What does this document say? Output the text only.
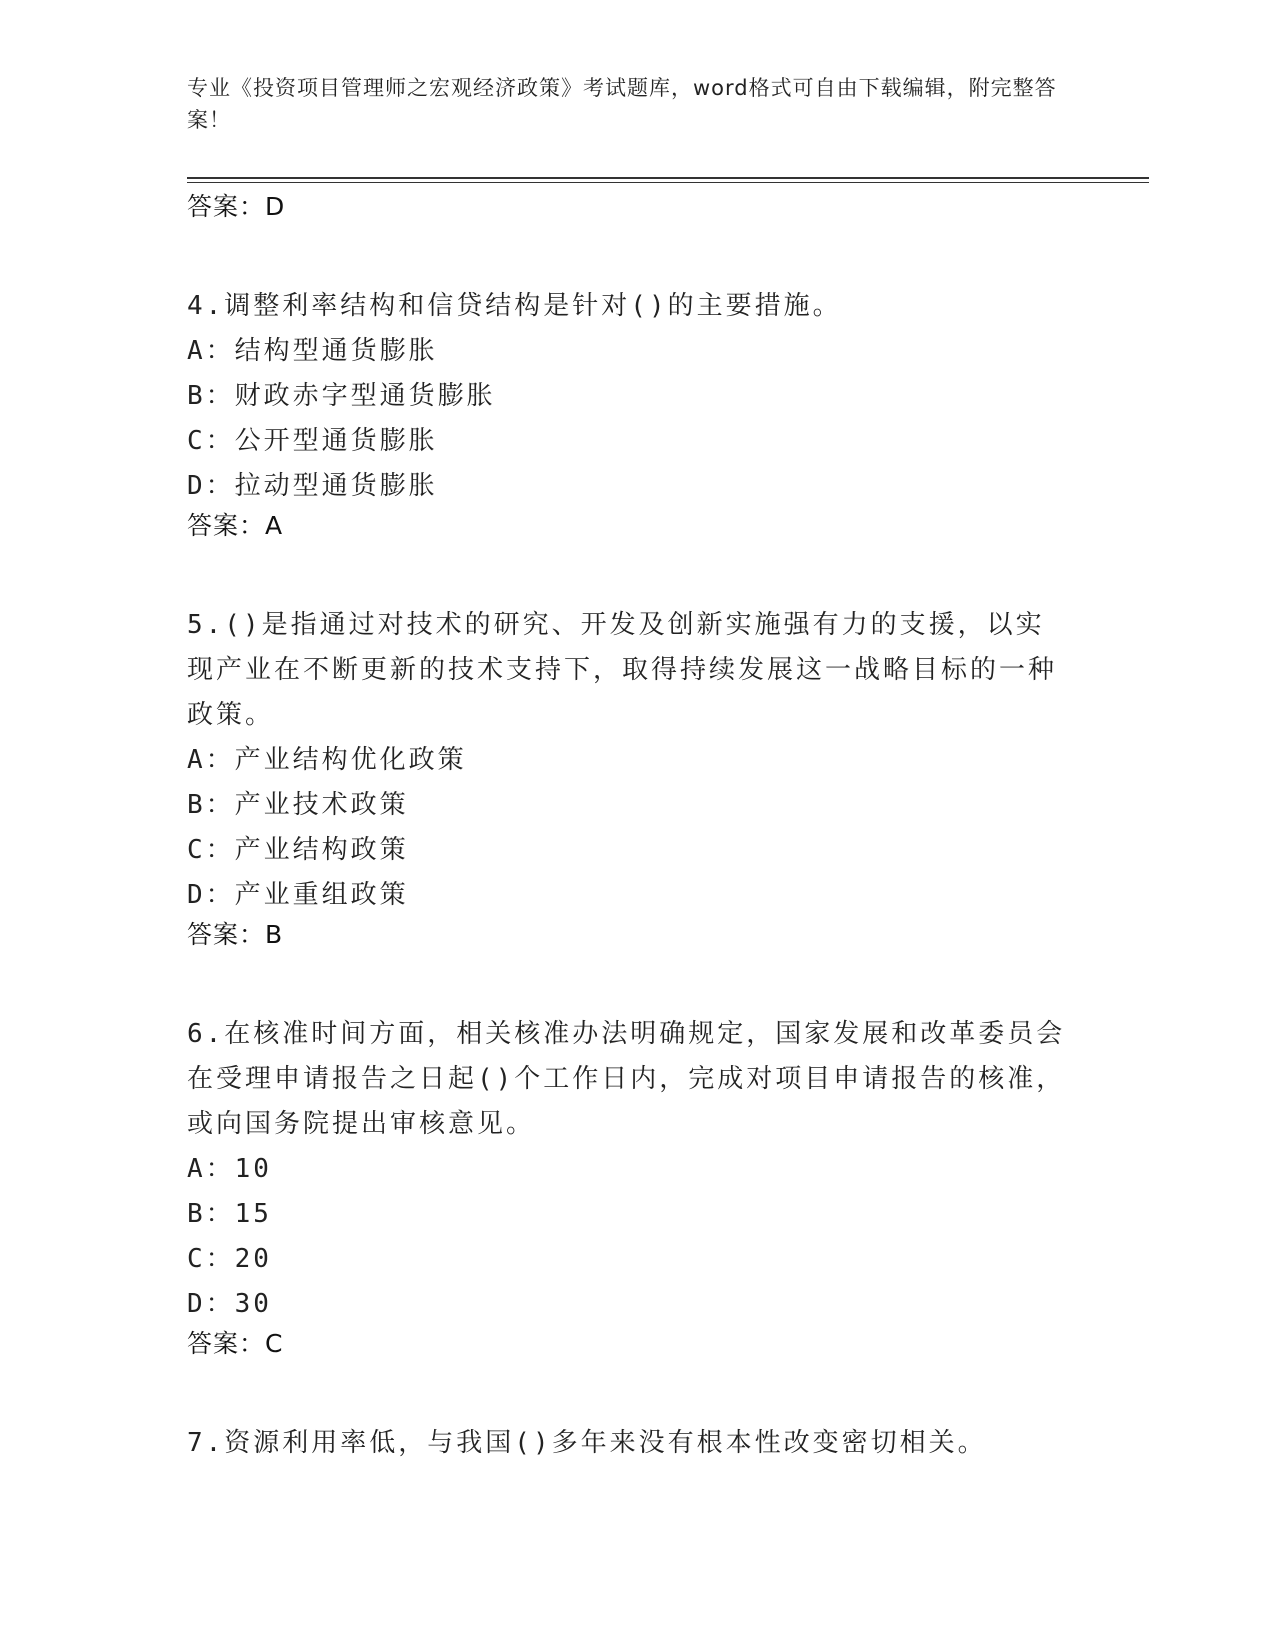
专业《投资项目管理师之宏观经济政策》考试题库，word格式可自由下载编辑，附完整答案！

答案：D

4.调整利率结构和信贷结构是针对()的主要措施。

A：结构型通货膨胀

B：财政赤字型通货膨胀

C：公开型通货膨胀

D：拉动型通货膨胀

答案：A

5.()是指通过对技术的研究、开发及创新实施强有力的支援，以实现产业在不断更新的技术支持下，取得持续发展这一战略目标的一种政策。

A：产业结构优化政策

B：产业技术政策

C：产业结构政策

D：产业重组政策

答案：B

6.在核准时间方面，相关核准办法明确规定，国家发展和改革委员会在受理申请报告之日起()个工作日内，完成对项目申请报告的核准，或向国务院提出审核意见。

A：10

B：15

C：20

D：30

答案：C

7.资源利用率低，与我国()多年来没有根本性改变密切相关。
